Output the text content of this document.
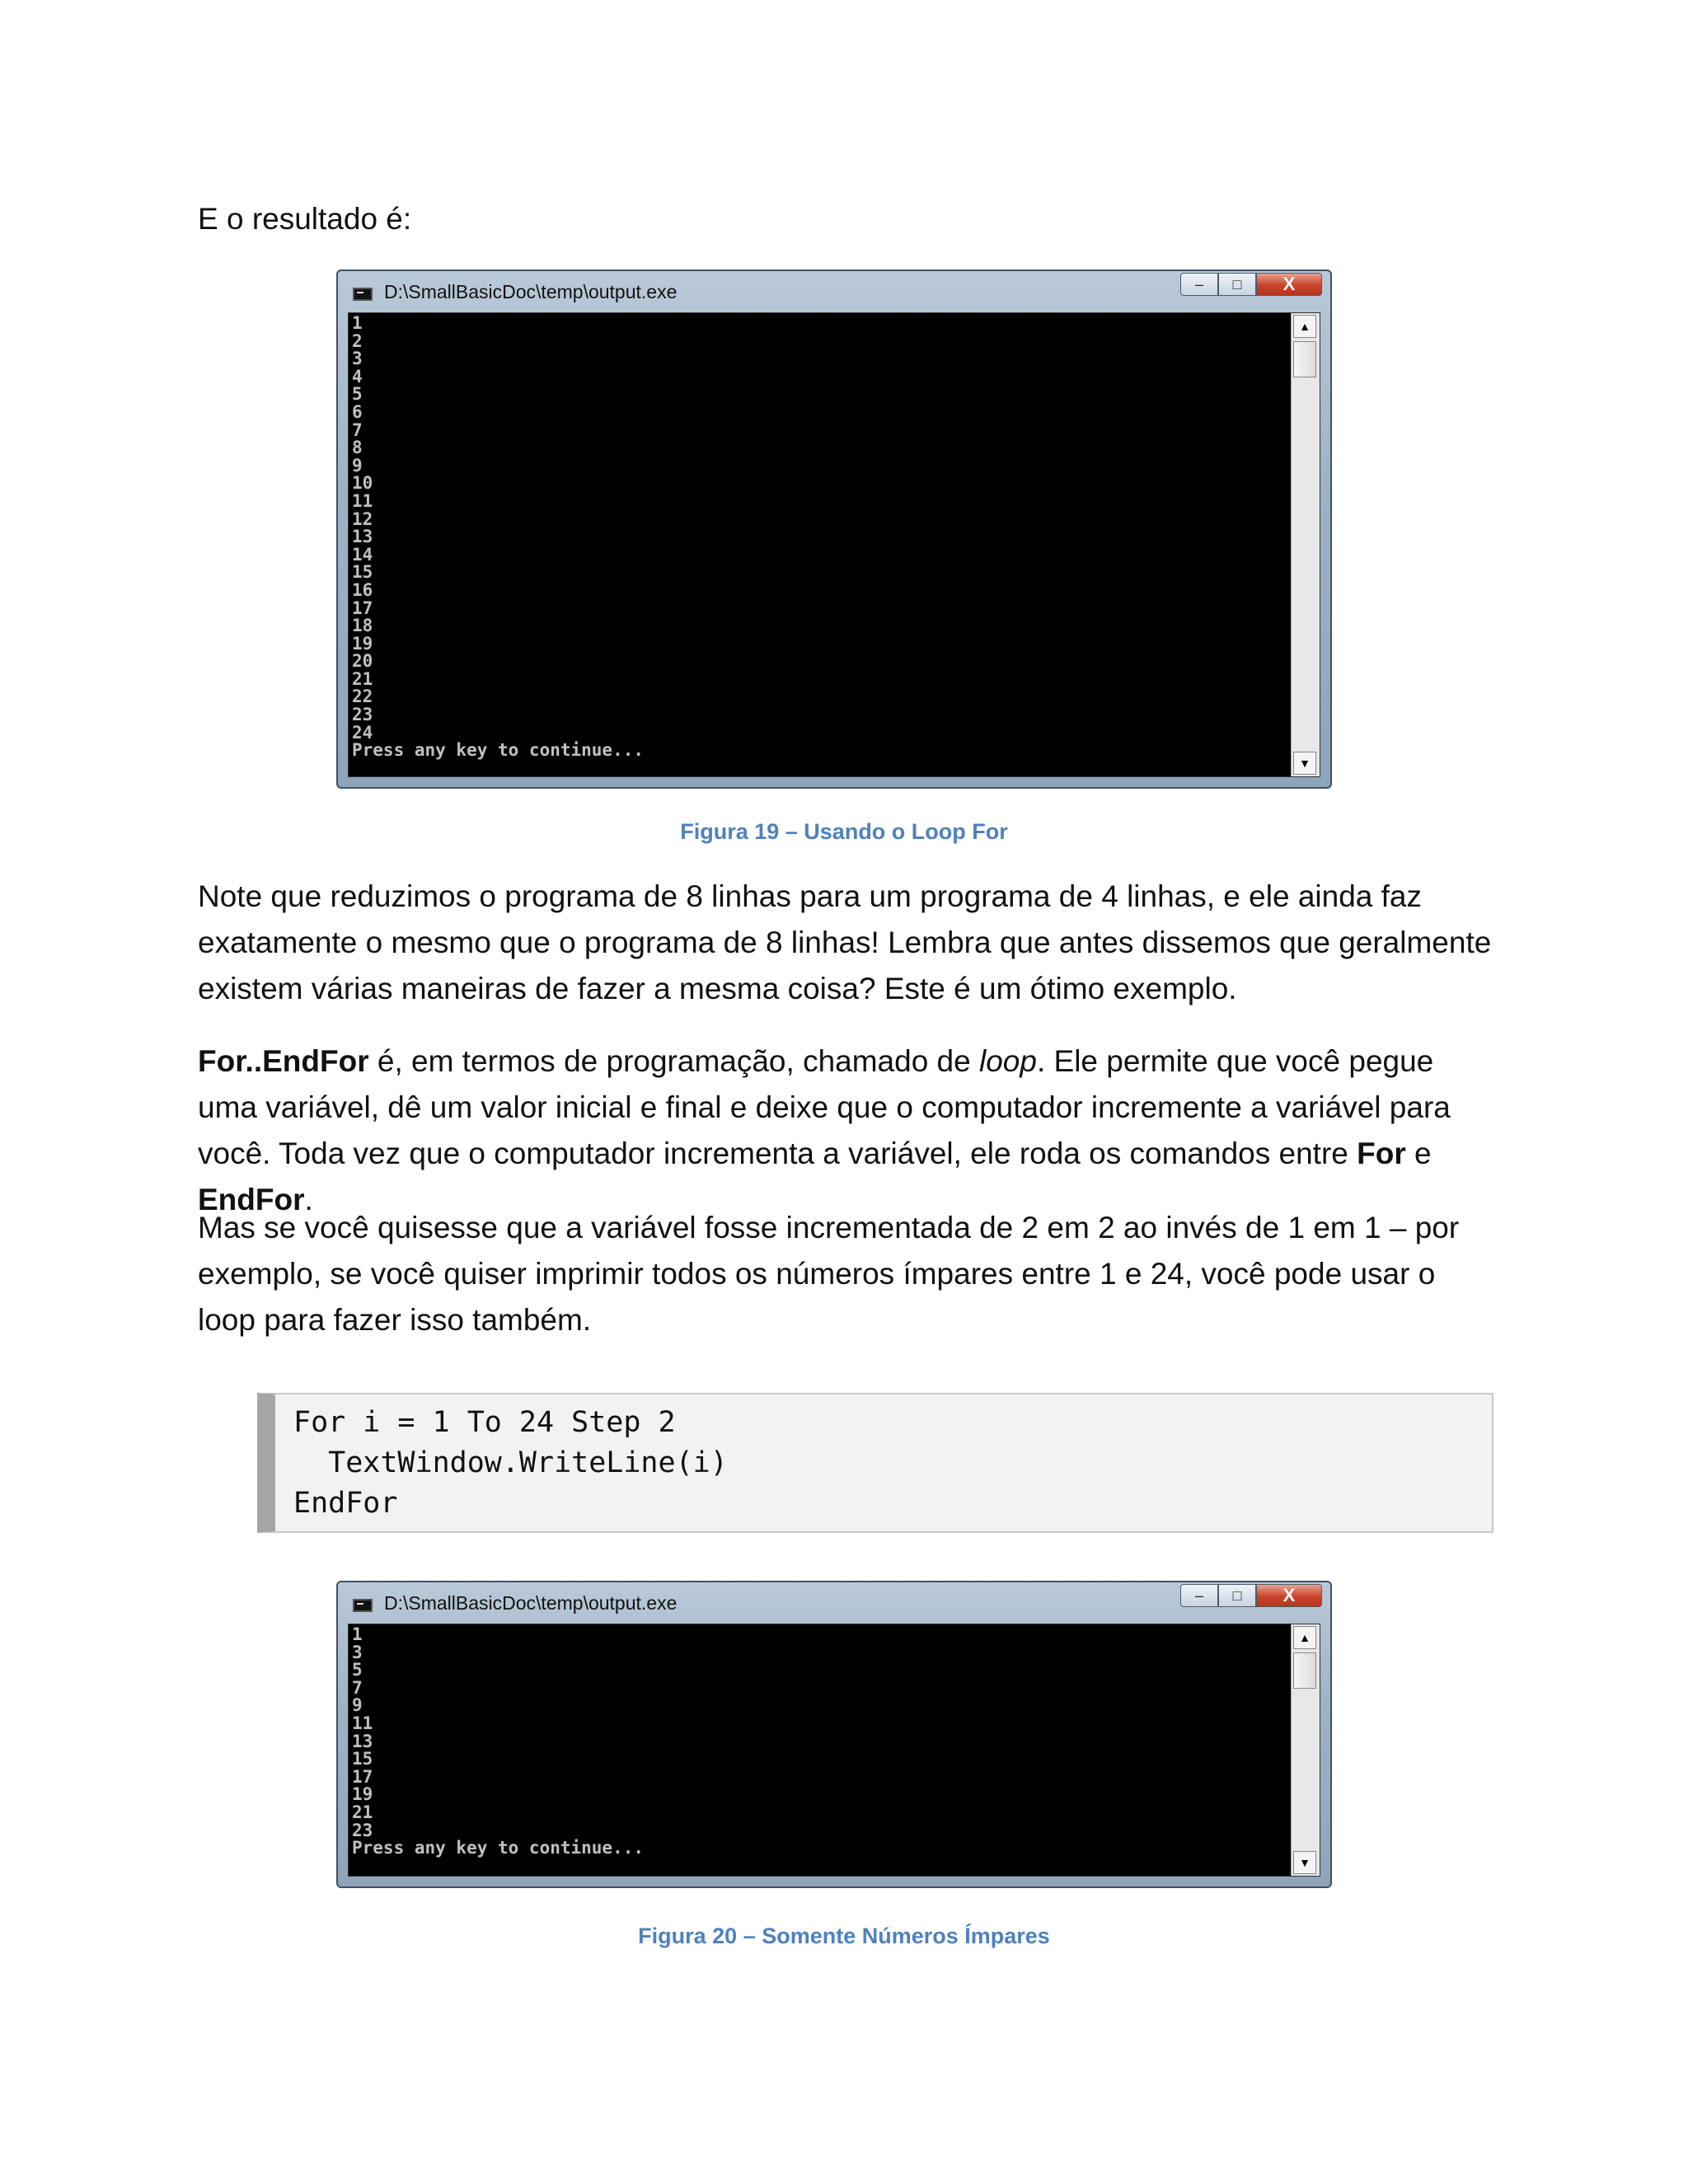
E o resultado é:

D:\SmallBasicDoc\temp\output.exe	–	□	X
1
2
3
4
5
6
7
8
9
10
11
12
13
14
15
16
17
18
19
20
21
22
23
24
Press any key to continue...
▲
▼
Figura 19 – Usando o Loop For

Note que reduzimos o programa de 8 linhas para um programa de 4 linhas, e ele ainda faz exatamente o mesmo que o programa de 8 linhas! Lembra que antes dissemos que geralmente existem várias maneiras de fazer a mesma coisa? Este é um ótimo exemplo.

For..EndFor é, em termos de programação, chamado de loop. Ele permite que você pegue uma variável, dê um valor inicial e final e deixe que o computador incremente a variável para você. Toda vez que o computador incrementa a variável, ele roda os comandos entre For e EndFor.

Mas se você quisesse que a variável fosse incrementada de 2 em 2 ao invés de 1 em 1 – por exemplo, se você quiser imprimir todos os números ímpares entre 1 e 24, você pode usar o loop para fazer isso também.

For i = 1 To 24 Step 2
TextWindow.WriteLine(i)
EndFor
D:\SmallBasicDoc\temp\output.exe	–	□	X
1
3
5
7
9
11
13
15
17
19
21
23
Press any key to continue...
▲
▼
Figura 20 – Somente Números Ímpares
